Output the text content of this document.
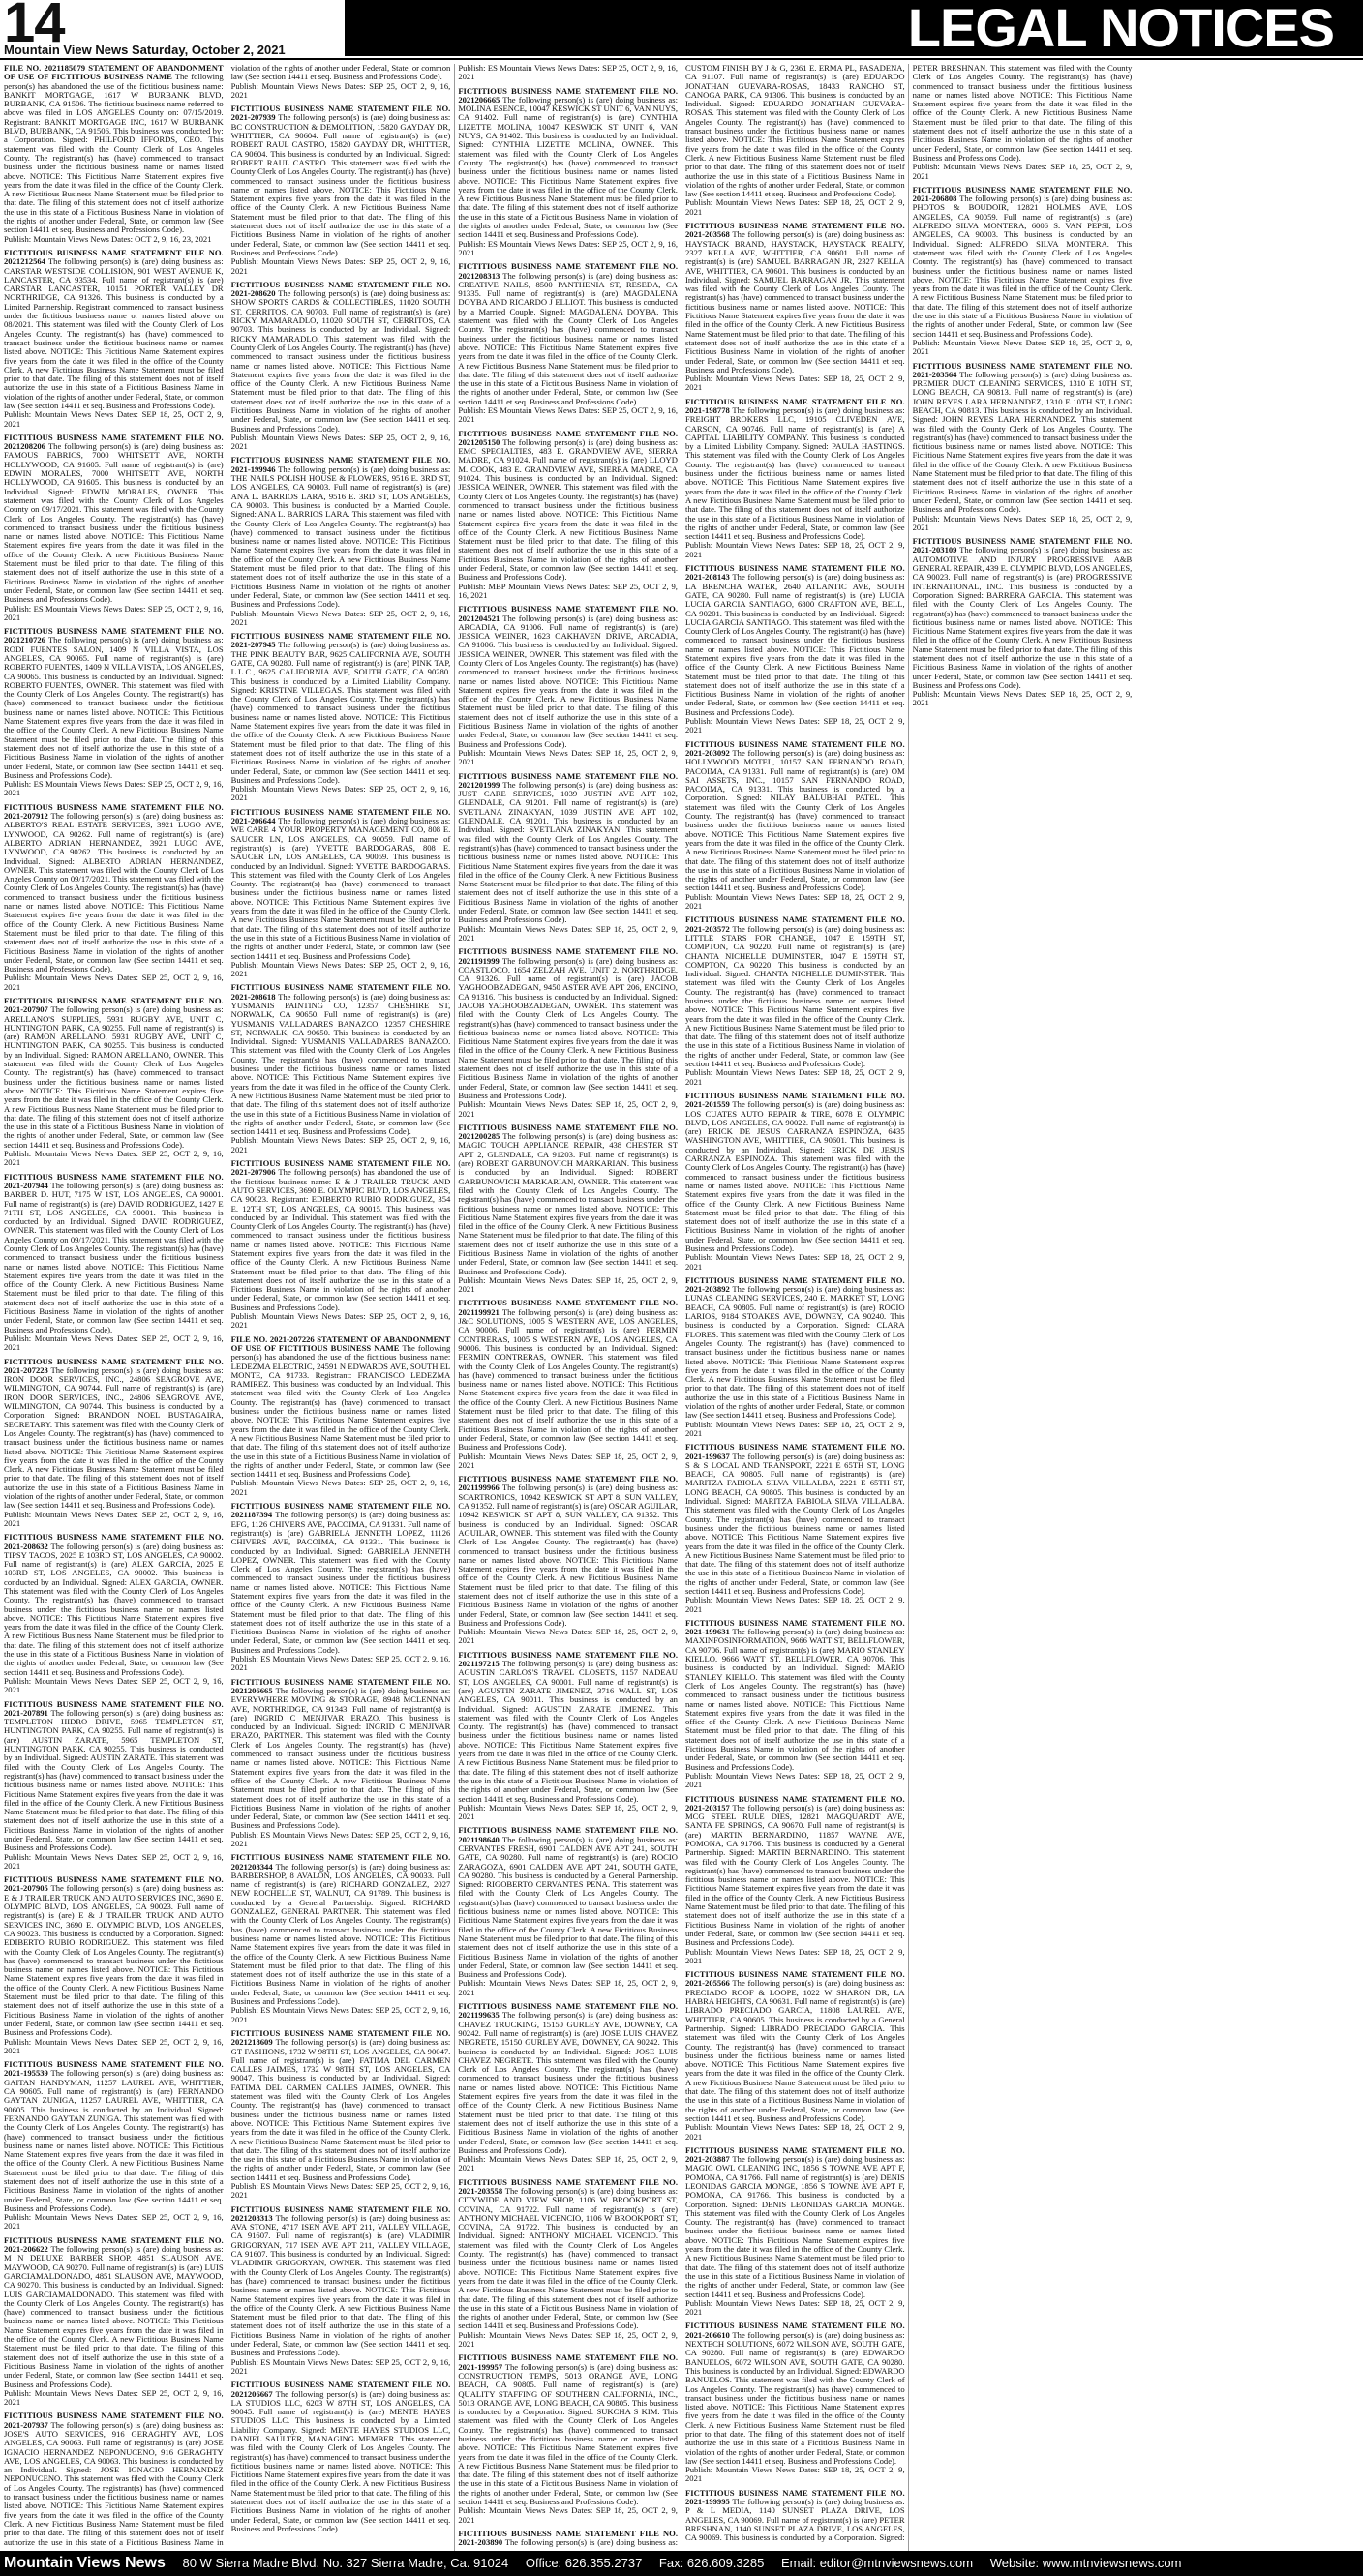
14
Mountain View News Saturday, October 2, 2021	LEGAL NOTICES

FILE NO. 2021185079 STATEMENT OF ABANDONMENT OF USE OF FICTITIOUS BUSINESS NAME The following person(s) has abandoned the use of the fictitious business name: BANKIT MORTGAGE, 1617 W BURBANK BLVD, BURBANK, CA 91506. The fictitious business name referred to above was filed in LOS ANGELES County on: 07/15/2019. Registrant: BANKIT MORTGAGE INC, 1617 W BURBANK BLVD, BURBANK, CA 91506. This business was conducted by: a Corporation. Signed: PHILFORD IFFORDS, CEO. This statement was filed with the County Clerk of Los Angeles County. The registrant(s) has (have) commenced to transact business under the fictitious business name or names listed above. NOTICE: This Fictitious Name Statement expires five years from the date it was filed in the office of the County Clerk. A new Fictitious Business Name Statement must be filed prior to that date. The filing of this statement does not of itself authorize the use in this state of a Fictitious Business Name in violation of the rights of another under Federal, State, or common law (See section 14411 et seq. Business and Professions Code).
Publish: Mountain Views News Dates: OCT 2, 9, 16, 23, 2021

FICTITIOUS BUSINESS NAME STATEMENT FILE NO. 2021212564 The following person(s) is (are) doing business as: CARSTAR WESTSIDE COLLISION, 901 WEST AVENUE K, LANCASTER, CA 93534. Full name of registrant(s) is (are) CARSTAR LANCASTER, 10151 PORTER VALLEY DR NORTHRIDGE, CA 91326. This business is conducted by a Limited Partnership. Registrant commenced to transact business under the fictitious business name or names listed above on 08/2021. This statement was filed with the County Clerk of Los Angeles County. The registrant(s) has (have) commenced to transact business under the fictitious business name or names listed above. NOTICE: This Fictitious Name Statement expires five years from the date it was filed in the office of the County Clerk. A new Fictitious Business Name Statement must be filed prior to that date. The filing of this statement does not of itself authorize the use in this state of a Fictitious Business Name in violation of the rights of another under Federal, State, or common law (See section 14411 et seq. Business and Professions Code).
Publish: Mountain Views News Dates: SEP 18, 25, OCT 2, 9, 2021

FICTITIOUS BUSINESS NAME STATEMENT FILE NO. 2021208206 The following person(s) is (are) doing business as: FAMOUS FABRICS, 7000 WHITSETT AVE, NORTH HOLLYWOOD, CA 91605. Full name of registrant(s) is (are) EDWIN MORALES, 7000 WHITSETT AVE, NORTH HOLLYWOOD, CA 91605. This business is conducted by an Individual. Signed: EDWIN MORALES, OWNER. This statement was filed with the County Clerk of Los Angeles County on 09/17/2021. This statement was filed with the County Clerk of Los Angeles County. The registrant(s) has (have) commenced to transact business under the fictitious business name or names listed above. NOTICE: This Fictitious Name Statement expires five years from the date it was filed in the office of the County Clerk. A new Fictitious Business Name Statement must be filed prior to that date. The filing of this statement does not of itself authorize the use in this state of a Fictitious Business Name in violation of the rights of another under Federal, State, or common law (See section 14411 et seq. Business and Professions Code).
Publish: ES Mountain Views News Dates: SEP 25, OCT 2, 9, 16, 2021

FICTITIOUS BUSINESS NAME STATEMENT FILE NO. 2021210726 The following person(s) is (are) doing business as: RODI FUENTES SALON, 1409 N VILLA VISTA, LOS ANGELES, CA 90065. Full name of registrant(s) is (are) ROBERTO FUENTES, 1409 N VILLA VISTA, LOS ANGELES, CA 90065. This business is conducted by an Individual. Signed: ROBERTO FUENTES, OWNER. This statement was filed with the County Clerk of Los Angeles County. The registrant(s) has (have) commenced to transact business under the fictitious business name or names listed above. NOTICE: This Fictitious Name Statement expires five years from the date it was filed in the office of the County Clerk. A new Fictitious Business Name Statement must be filed prior to that date. The filing of this statement does not of itself authorize the use in this state of a Fictitious Business Name in violation of the rights of another under Federal, State, or common law (See section 14411 et seq. Business and Professions Code).
Publish: ES Mountain Views News Dates: SEP 25, OCT 2, 9, 16, 2021

FICTITIOUS BUSINESS NAME STATEMENT FILE NO. 2021-207912 The following person(s) is (are) doing business as: ALBERTO'S REAL ESTATE SERVICES, 3921 LUGO AVE, LYNWOOD, CA 90262. Full name of registrant(s) is (are) ALBERTO ADRIAN HERNANDEZ, 3921 LUGO AVE, LYNWOOD, CA 90262. This business is conducted by an Individual. Signed: ALBERTO ADRIAN HERNANDEZ, OWNER. This statement was filed with the County Clerk of Los Angeles County on 09/17/2021. This statement was filed with the County Clerk of Los Angeles County. The registrant(s) has (have) commenced to transact business under the fictitious business name or names listed above. NOTICE: This Fictitious Name Statement expires five years from the date it was filed in the office of the County Clerk. A new Fictitious Business Name Statement must be filed prior to that date. The filing of this statement does not of itself authorize the use in this state of a Fictitious Business Name in violation of the rights of another under Federal, State, or common law (See section 14411 et seq. Business and Professions Code).
Publish: Mountain Views News Dates: SEP 25, OCT 2, 9, 16, 2021

FICTITIOUS BUSINESS NAME STATEMENT FILE NO. 2021-207907 The following person(s) is (are) doing business as: ARELLANO'S SUPPLIES, 5931 RUGBY AVE, UNIT C, HUNTINGTON PARK, CA 90255. Full name of registrant(s) is (are) RAMON ARELLANO, 5931 RUGBY AVE, UNIT C, HUNTINGTON PARK, CA 90255. This business is conducted by an Individual. Signed: RAMON ARELLANO, OWNER. This statement was filed with the County Clerk of Los Angeles County. The registrant(s) has (have) commenced to transact business under the fictitious business name or names listed above. NOTICE: This Fictitious Name Statement expires five years from the date it was filed in the office of the County Clerk. A new Fictitious Business Name Statement must be filed prior to that date. The filing of this statement does not of itself authorize the use in this state of a Fictitious Business Name in violation of the rights of another under Federal, State, or common law (See section 14411 et seq. Business and Professions Code).
Publish: Mountain Views News Dates: SEP 25, OCT 2, 9, 16, 2021

FICTITIOUS BUSINESS NAME STATEMENT FILE NO. 2021-207944 The following person(s) is (are) doing business as: BARBER D. HUT, 7175 W 1ST, LOS ANGELES, CA 90001. Full name of registrant(s) is (are) DAVID RODRIGUEZ, 1427 E 71TH ST, LOS ANGELES, CA 90001. This business is conducted by an Individual. Signed: DAVID RODRIGUEZ, OWNER. This statement was filed with the County Clerk of Los Angeles County on 09/17/2021. This statement was filed with the County Clerk of Los Angeles County. The registrant(s) has (have) commenced to transact business under the fictitious business name or names listed above. NOTICE: This Fictitious Name Statement expires five years from the date it was filed in the office of the County Clerk. A new Fictitious Business Name Statement must be filed prior to that date. The filing of this statement does not of itself authorize the use in this state of a Fictitious Business Name in violation of the rights of another under Federal, State, or common law (See section 14411 et seq. Business and Professions Code).
Publish: Mountain Views News Dates: SEP 25, OCT 2, 9, 16, 2021

FICTITIOUS BUSINESS NAME STATEMENT FILE NO. 2021-207223 The following person(s) is (are) doing business as: IRON DOOR SERVICES, INC., 24806 SEAGROVE AVE, WILMINGTON, CA 90744. Full name of registrant(s) is (are) IRON DOOR SERVICES, INC., 24806 SEAGROVE AVE, WILMINGTON, CA 90744. This business is conducted by a Corporation. Signed: BRANDON NOEL BUSTAGAIRA, SECRETARY. This statement was filed with the County Clerk of Los Angeles County. The registrant(s) has (have) commenced to transact business under the fictitious business name or names listed above. NOTICE: This Fictitious Name Statement expires five years from the date it was filed in the office of the County Clerk. A new Fictitious Business Name Statement must be filed prior to that date. The filing of this statement does not of itself authorize the use in this state of a Fictitious Business Name in violation of the rights of another under Federal, State, or common law (See section 14411 et seq. Business and Professions Code).
Publish: Mountain Views News Dates: SEP 25, OCT 2, 9, 16, 2021

FICTITIOUS BUSINESS NAME STATEMENT FILE NO. 2021-208632 The following person(s) is (are) doing business as: TIPSY TACOS, 2025 E 103RD ST, LOS ANGELES, CA 90002. Full name of registrant(s) is (are) ALEX GARCIA, 2025 E 103RD ST, LOS ANGELES, CA 90002. This business is conducted by an Individual. Signed: ALEX GARCIA, OWNER. This statement was filed with the County Clerk of Los Angeles County. The registrant(s) has (have) commenced to transact business under the fictitious business name or names listed above. NOTICE: This Fictitious Name Statement expires five years from the date it was filed in the office of the County Clerk. A new Fictitious Business Name Statement must be filed prior to that date. The filing of this statement does not of itself authorize the use in this state of a Fictitious Business Name in violation of the rights of another under Federal, State, or common law (See section 14411 et seq. Business and Professions Code).
Publish: Mountain Views News Dates: SEP 25, OCT 2, 9, 16, 2021

FICTITIOUS BUSINESS NAME STATEMENT FILE NO. 2021-207891 The following person(s) is (are) doing business as: TEMPLETON HIDRO DRIVE, 5965 TEMPLETON ST, HUNTINGTON PARK, CA 90255. Full name of registrant(s) is (are) AUSTIN ZARATE, 5965 TEMPLETON ST, HUNTINGTON PARK, CA 90255. This business is conducted by an Individual. Signed: AUSTIN ZARATE. This statement was filed with the County Clerk of Los Angeles County. The registrant(s) has (have) commenced to transact business under the fictitious business name or names listed above. NOTICE: This Fictitious Name Statement expires five years from the date it was filed in the office of the County Clerk. A new Fictitious Business Name Statement must be filed prior to that date. The filing of this statement does not of itself authorize the use in this state of a Fictitious Business Name in violation of the rights of another under Federal, State, or common law (See section 14411 et seq. Business and Professions Code).
Publish: Mountain Views News Dates: SEP 25, OCT 2, 9, 16, 2021

FICTITIOUS BUSINESS NAME STATEMENT FILE NO. 2021-207905 The following person(s) is (are) doing business as: E & J TRAILER TRUCK AND AUTO SERVICES INC, 3690 E. OLYMPIC BLVD, LOS ANGELES, CA 90023. Full name of registrant(s) is (are) E & J TRAILER TRUCK AND AUTO SERVICES INC, 3690 E. OLYMPIC BLVD, LOS ANGELES, CA 90023. This business is conducted by a Corporation. Signed: EDIBERTO RUBIO RODRIGUEZ. This statement was filed with the County Clerk of Los Angeles County. The registrant(s) has (have) commenced to transact business under the fictitious business name or names listed above. NOTICE: This Fictitious Name Statement expires five years from the date it was filed in the office of the County Clerk. A new Fictitious Business Name Statement must be filed prior to that date. The filing of this statement does not of itself authorize the use in this state of a Fictitious Business Name in violation of the rights of another under Federal, State, or common law (See section 14411 et seq. Business and Professions Code).
Publish: Mountain Views News Dates: SEP 25, OCT 2, 9, 16, 2021

FICTITIOUS BUSINESS NAME STATEMENT FILE NO. 2021-195539 The following person(s) is (are) doing business as: GAITAN HANDYMAN, 11257 LAUREL AVE, WHITTIER, CA 90605. Full name of registrant(s) is (are) FERNANDO GAYTAN ZUNIGA, 11257 LAUREL AVE, WHITTIER, CA 90605. This business is conducted by an Individual. Signed: FERNANDO GAYTAN ZUNIGA. This statement was filed with the County Clerk of Los Angeles County. The registrant(s) has (have) commenced to transact business under the fictitious business name or names listed above. NOTICE: This Fictitious Name Statement expires five years from the date it was filed in the office of the County Clerk. A new Fictitious Business Name Statement must be filed prior to that date. The filing of this statement does not of itself authorize the use in this state of a Fictitious Business Name in violation of the rights of another under Federal, State, or common law (See section 14411 et seq. Business and Professions Code).
Publish: Mountain Views News Dates: SEP 25, OCT 2, 9, 16, 2021

FICTITIOUS BUSINESS NAME STATEMENT FILE NO. 2021-206622 The following person(s) is (are) doing business as: M N DELUXE BARBER SHOP, 4851 SLAUSON AVE, MAYWOOD, CA 90270. Full name of registrant(s) is (are) LUIS GARCIAMALDONADO, 4851 SLAUSON AVE, MAYWOOD, CA 90270. This business is conducted by an Individual. Signed: LUIS GARCIAMALDONADO. This statement was filed with the County Clerk of Los Angeles County. The registrant(s) has (have) commenced to transact business under the fictitious business name or names listed above. NOTICE: This Fictitious Name Statement expires five years from the date it was filed in the office of the County Clerk. A new Fictitious Business Name Statement must be filed prior to that date. The filing of this statement does not of itself authorize the use in this state of a Fictitious Business Name in violation of the rights of another under Federal, State, or common law (See section 14411 et seq. Business and Professions Code).
Publish: Mountain Views News Dates: SEP 25, OCT 2, 9, 16, 2021

FICTITIOUS BUSINESS NAME STATEMENT FILE NO. 2021-207937 The following person(s) is (are) doing business as: JOSE'S AUTO SERVICES, 916 GERAGHTY AVE, LOS ANGELES, CA 90063. Full name of registrant(s) is (are) JOSE IGNACIO HERNANDEZ NEPONUCENO, 916 GERAGHTY AVE, LOS ANGELES, CA 90063. This business is conducted by an Individual. Signed: JOSE IGNACIO HERNANDEZ NEPONUCENO. This statement was filed with the County Clerk of Los Angeles County. The registrant(s) has (have) commenced to transact business under the fictitious business name or names listed above. NOTICE: This Fictitious Name Statement expires five years from the date it was filed in the office of the County Clerk. A new Fictitious Business Name Statement must be filed prior to that date. The filing of this statement does not of itself authorize the use in this state of a Fictitious Business Name in violation of the rights of another under Federal, State, or common law (See section 14411 et seq. Business and Professions Code).
Publish: Mountain Views News Dates: SEP 25, OCT 2, 9, 16, 2021

FICTITIOUS BUSINESS NAME STATEMENT FILE NO. 2021-207939 The following person(s) is (are) doing business as: BC CONSTRUCTION & DEMOLITION, 15820 GAYDAY DR, WHITTIER, CA 90604. Full name of registrant(s) is (are) ROBERT RAUL CASTRO, 15820 GAYDAY DR, WHITTIER, CA 90604. This business is conducted by an Individual. Signed: ROBERT RAUL CASTRO. This statement was filed with the County Clerk of Los Angeles County. The registrant(s) has (have) commenced to transact business under the fictitious business name or names listed above. NOTICE: This Fictitious Name Statement expires five years from the date it was filed in the office of the County Clerk. A new Fictitious Business Name Statement must be filed prior to that date. The filing of this statement does not of itself authorize the use in this state of a Fictitious Business Name in violation of the rights of another under Federal, State, or common law (See section 14411 et seq. Business and Professions Code).
Publish: Mountain Views News Dates: SEP 25, OCT 2, 9, 16, 2021

FICTITIOUS BUSINESS NAME STATEMENT FILE NO. 2021-208620 The following person(s) is (are) doing business as: SHOW SPORTS CARDS & COLLECTIBLES, 11020 SOUTH ST, CERRITOS, CA 90703. Full name of registrant(s) is (are) RICKY MAMARADLO, 11020 SOUTH ST, CERRITOS, CA 90703. This business is conducted by an Individual. Signed: RICKY MAMARADLO. This statement was filed with the County Clerk of Los Angeles County. The registrant(s) has (have) commenced to transact business under the fictitious business name or names listed above. NOTICE: This Fictitious Name Statement expires five years from the date it was filed in the office of the County Clerk. A new Fictitious Business Name Statement must be filed prior to that date. The filing of this statement does not of itself authorize the use in this state of a Fictitious Business Name in violation of the rights of another under Federal, State, or common law (See section 14411 et seq. Business and Professions Code).
Publish: Mountain Views News Dates: SEP 25, OCT 2, 9, 16, 2021

FICTITIOUS BUSINESS NAME STATEMENT FILE NO. 2021-199946 The following person(s) is (are) doing business as: THE NAILS POLISH HOUSE & FLOWERS, 9516 E. 3RD ST, LOS ANGELES, CA 90003. Full name of registrant(s) is (are) ANA L. BARRIOS LARA, 9516 E. 3RD ST, LOS ANGELES, CA 90003. This business is conducted by a Married Couple. Signed: ANA L. BARRIOS LARA. This statement was filed with the County Clerk of Los Angeles County. The registrant(s) has (have) commenced to transact business under the fictitious business name or names listed above. NOTICE: This Fictitious Name Statement expires five years from the date it was filed in the office of the County Clerk. A new Fictitious Business Name Statement must be filed prior to that date. The filing of this statement does not of itself authorize the use in this state of a Fictitious Business Name in violation of the rights of another under Federal, State, or common law (See section 14411 et seq. Business and Professions Code).
Publish: Mountain Views News Dates: SEP 25, OCT 2, 9, 16, 2021

FICTITIOUS BUSINESS NAME STATEMENT FILE NO. 2021-207945 The following person(s) is (are) doing business as: THE PINK BEAUTY BAR, 9625 CALIFORNIA AVE, SOUTH GATE, CA 90280. Full name of registrant(s) is (are) PINK TAP, L.L.C., 9625 CALIFORNIA AVE, SOUTH GATE, CA 90280. This business is conducted by a Limited Liability Company. Signed: KRISTINE VILLEGAS. This statement was filed with the County Clerk of Los Angeles County. The registrant(s) has (have) commenced to transact business under the fictitious business name or names listed above. NOTICE: This Fictitious Name Statement expires five years from the date it was filed in the office of the County Clerk. A new Fictitious Business Name Statement must be filed prior to that date. The filing of this statement does not of itself authorize the use in this state of a Fictitious Business Name in violation of the rights of another under Federal, State, or common law (See section 14411 et seq. Business and Professions Code).
Publish: Mountain Views News Dates: SEP 25, OCT 2, 9, 16, 2021

FICTITIOUS BUSINESS NAME STATEMENT FILE NO. 2021-206644 The following person(s) is (are) doing business as: WE CARE 4 YOUR PROPERTY MANAGEMENT CO, 808 E. SAUCER LN, LOS ANGELES, CA 90059. Full name of registrant(s) is (are) YVETTE BARDOGARAS, 808 E. SAUCER LN, LOS ANGELES, CA 90059. This business is conducted by an Individual. Signed: YVETTE BARDOGARAS. This statement was filed with the County Clerk of Los Angeles County. The registrant(s) has (have) commenced to transact business under the fictitious business name or names listed above. NOTICE: This Fictitious Name Statement expires five years from the date it was filed in the office of the County Clerk. A new Fictitious Business Name Statement must be filed prior to that date. The filing of this statement does not of itself authorize the use in this state of a Fictitious Business Name in violation of the rights of another under Federal, State, or common law (See section 14411 et seq. Business and Professions Code).
Publish: Mountain Views News Dates: SEP 25, OCT 2, 9, 16, 2021

FICTITIOUS BUSINESS NAME STATEMENT FILE NO. 2021-208618 The following person(s) is (are) doing business as: YUSMANIS PAINTING CO, 12357 CHESHIRE ST, NORWALK, CA 90650. Full name of registrant(s) is (are) YUSMANIS VALLADARES BANAZCO, 12357 CHESHIRE ST, NORWALK, CA 90650. This business is conducted by an Individual. Signed: YUSMANIS VALLADARES BANAZCO. This statement was filed with the County Clerk of Los Angeles County. The registrant(s) has (have) commenced to transact business under the fictitious business name or names listed above. NOTICE: This Fictitious Name Statement expires five years from the date it was filed in the office of the County Clerk. A new Fictitious Business Name Statement must be filed prior to that date. The filing of this statement does not of itself authorize the use in this state of a Fictitious Business Name in violation of the rights of another under Federal, State, or common law (See section 14411 et seq. Business and Professions Code).
Publish: Mountain Views News Dates: SEP 25, OCT 2, 9, 16, 2021

FICTITIOUS BUSINESS NAME STATEMENT FILE NO. 2021-207906 The following person(s) has abandoned the use of the fictitious business name: E & J TRAILER TRUCK AND AUTO SERVICES, 3690 E. OLYMPIC BLVD, LOS ANGELES, CA 90023. Registrant: EDIBERTO RUBIO RODRIGUEZ, 354 E. 12TH ST, LOS ANGELES, CA 90015. This business was conducted by an Individual. This statement was filed with the County Clerk of Los Angeles County. The registrant(s) has (have) commenced to transact business under the fictitious business name or names listed above. NOTICE: This Fictitious Name Statement expires five years from the date it was filed in the office of the County Clerk. A new Fictitious Business Name Statement must be filed prior to that date. The filing of this statement does not of itself authorize the use in this state of a Fictitious Business Name in violation of the rights of another under Federal, State, or common law (See section 14411 et seq. Business and Professions Code).
Publish: Mountain Views News Dates: SEP 25, OCT 2, 9, 16, 2021

FILE NO. 2021-207226 STATEMENT OF ABANDONMENT OF USE OF FICTITIOUS BUSINESS NAME The following person(s) has abandoned the use of the fictitious business name: LEDEZMA ELECTRIC, 24591 N EDWARDS AVE, SOUTH EL MONTE, CA 91733. Registrant: FRANCISCO LEDEZMA RAMIREZ. This business was conducted by an Individual. This statement was filed with the County Clerk of Los Angeles County. The registrant(s) has (have) commenced to transact business under the fictitious business name or names listed above. NOTICE: This Fictitious Name Statement expires five years from the date it was filed in the office of the County Clerk. A new Fictitious Business Name Statement must be filed prior to that date. The filing of this statement does not of itself authorize the use in this state of a Fictitious Business Name in violation of the rights of another under Federal, State, or common law (See section 14411 et seq. Business and Professions Code).
Publish: Mountain Views News Dates: SEP 25, OCT 2, 9, 16, 2021

FICTITIOUS BUSINESS NAME STATEMENT FILE NO. 2021187394 The following person(s) is (are) doing business as: EFG, 1126 CHIVERS AVE, PACOIMA, CA 91331. Full name of registrant(s) is (are) GABRIELA JENNETH LOPEZ, 11126 CHIVERS AVE, PACOIMA, CA 91331. This business is conducted by an Individual. Signed: GABRIELA JENNETH LOPEZ, OWNER. This statement was filed with the County Clerk of Los Angeles County. The registrant(s) has (have) commenced to transact business under the fictitious business name or names listed above. NOTICE: This Fictitious Name Statement expires five years from the date it was filed in the office of the County Clerk. A new Fictitious Business Name Statement must be filed prior to that date. The filing of this statement does not of itself authorize the use in this state of a Fictitious Business Name in violation of the rights of another under Federal, State, or common law (See section 14411 et seq. Business and Professions Code).
Publish: ES Mountain Views News Dates: SEP 25, OCT 2, 9, 16, 2021

FICTITIOUS BUSINESS NAME STATEMENT FILE NO. 2021206665 The following person(s) is (are) doing business as: EVERYWHERE MOVING & STORAGE, 8948 MCLENNAN AVE, NORTHRIDGE, CA 91343. Full name of registrant(s) is (are) INGRID C MENJIVAR ERAZO. This business is conducted by an Individual. Signed: INGRID C MENJIVAR ERAZO, PARTNER. This statement was filed with the County Clerk of Los Angeles County. The registrant(s) has (have) commenced to transact business under the fictitious business name or names listed above. NOTICE: This Fictitious Name Statement expires five years from the date it was filed in the office of the County Clerk. A new Fictitious Business Name Statement must be filed prior to that date. The filing of this statement does not of itself authorize the use in this state of a Fictitious Business Name in violation of the rights of another under Federal, State, or common law (See section 14411 et seq. Business and Professions Code).
Publish: ES Mountain Views News Dates: SEP 25, OCT 2, 9, 16, 2021

FICTITIOUS BUSINESS NAME STATEMENT FILE NO. 2021208344 The following person(s) is (are) doing business as: BARBERSHOP, 8 AVALON, LOS ANGELES, CA 90033. Full name of registrant(s) is (are) RICHARD GONZALEZ, 2027 NEW ROCHELLE ST, WALNUT, CA 91789. This business is conducted by a General Partnership. Signed: RICHARD GONZALEZ, GENERAL PARTNER. This statement was filed with the County Clerk of Los Angeles County. The registrant(s) has (have) commenced to transact business under the fictitious business name or names listed above. NOTICE: This Fictitious Name Statement expires five years from the date it was filed in the office of the County Clerk. A new Fictitious Business Name Statement must be filed prior to that date. The filing of this statement does not of itself authorize the use in this state of a Fictitious Business Name in violation of the rights of another under Federal, State, or common law (See section 14411 et seq. Business and Professions Code).
Publish: ES Mountain Views News Dates: SEP 25, OCT 2, 9, 16, 2021

FICTITIOUS BUSINESS NAME STATEMENT FILE NO. 2021218609 The following person(s) is (are) doing business as: GT FASHIONS, 1732 W 98TH ST, LOS ANGELES, CA 90047. Full name of registrant(s) is (are) FATIMA DEL CARMEN CALLES JAIMES, 1732 W 98TH ST, LOS ANGELES, CA 90047. This business is conducted by an Individual. Signed: FATIMA DEL CARMEN CALLES JAIMES, OWNER. This statement was filed with the County Clerk of Los Angeles County. The registrant(s) has (have) commenced to transact business under the fictitious business name or names listed above. NOTICE: This Fictitious Name Statement expires five years from the date it was filed in the office of the County Clerk. A new Fictitious Business Name Statement must be filed prior to that date. The filing of this statement does not of itself authorize the use in this state of a Fictitious Business Name in violation of the rights of another under Federal, State, or common law (See section 14411 et seq. Business and Professions Code).
Publish: ES Mountain Views News Dates: SEP 25, OCT 2, 9, 16, 2021

FICTITIOUS BUSINESS NAME STATEMENT FILE NO. 2021208313 The following person(s) is (are) doing business as: AVA STONE, 4717 ISEN AVE APT 211, VALLEY VILLAGE, CA 91607. Full name of registrant(s) is (are) VLADIMIR GRIGORYAN, 717 ISEN AVE APT 211, VALLEY VILLAGE, CA 91607. This business is conducted by an Individual. Signed: VLADIMIR GRIGORYAN, OWNER. This statement was filed with the County Clerk of Los Angeles County. The registrant(s) has (have) commenced to transact business under the fictitious business name or names listed above. NOTICE: This Fictitious Name Statement expires five years from the date it was filed in the office of the County Clerk. A new Fictitious Business Name Statement must be filed prior to that date. The filing of this statement does not of itself authorize the use in this state of a Fictitious Business Name in violation of the rights of another under Federal, State, or common law (See section 14411 et seq. Business and Professions Code).
Publish: ES Mountain Views News Dates: SEP 25, OCT 2, 9, 16, 2021

FICTITIOUS BUSINESS NAME STATEMENT FILE NO. 2021206667 The following person(s) is (are) doing business as: LA STUDIOS LLC, 6203 W 87TH ST, LOS ANGELES, CA 90045. Full name of registrant(s) is (are) MENTE HAYES STUDIOS LLC. This business is conducted by a Limited Liability Company. Signed: MENTE HAYES STUDIOS LLC, DANIEL SAULTER, MANAGING MEMBER. This statement was filed with the County Clerk of Los Angeles County. The registrant(s) has (have) commenced to transact business under the fictitious business name or names listed above. NOTICE: This Fictitious Name Statement expires five years from the date it was filed in the office of the County Clerk. A new Fictitious Business Name Statement must be filed prior to that date. The filing of this statement does not of itself authorize the use in this state of a Fictitious Business Name in violation of the rights of another under Federal, State, or common law (See section 14411 et seq. Business and Professions Code).
Publish: ES Mountain Views News Dates: SEP 25, OCT 2, 9, 16, 2021

FICTITIOUS BUSINESS NAME STATEMENT FILE NO. 2021206665 The following person(s) is (are) doing business as: MOLINA ESENCE, 10047 KESWICK ST UNIT 6, VAN NUYS, CA 91402. Full name of registrant(s) is (are) CYNTHIA LIZETTE MOLINA, 10047 KESWICK ST UNIT 6, VAN NUYS, CA 91402. This business is conducted by an Individual. Signed: CYNTHIA LIZETTE MOLINA, OWNER. This statement was filed with the County Clerk of Los Angeles County. The registrant(s) has (have) commenced to transact business under the fictitious business name or names listed above. NOTICE: This Fictitious Name Statement expires five years from the date it was filed in the office of the County Clerk. A new Fictitious Business Name Statement must be filed prior to that date. The filing of this statement does not of itself authorize the use in this state of a Fictitious Business Name in violation of the rights of another under Federal, State, or common law (See section 14411 et seq. Business and Professions Code).
Publish: ES Mountain Views News Dates: SEP 25, OCT 2, 9, 16, 2021

FICTITIOUS BUSINESS NAME STATEMENT FILE NO. 2021208313 The following person(s) is (are) doing business as: CREATIVE NAILS, 8500 PANTHENIA ST, RESEDA, CA 91335. Full name of registrant(s) is (are) MAGDALENA DOYBA AND RICARDO J ELLIOT. This business is conducted by a Married Couple. Signed: MAGDALENA DOYBA. This statement was filed with the County Clerk of Los Angeles County. The registrant(s) has (have) commenced to transact business under the fictitious business name or names listed above. NOTICE: This Fictitious Name Statement expires five years from the date it was filed in the office of the County Clerk. A new Fictitious Business Name Statement must be filed prior to that date. The filing of this statement does not of itself authorize the use in this state of a Fictitious Business Name in violation of the rights of another under Federal, State, or common law (See section 14411 et seq. Business and Professions Code).
Publish: ES Mountain Views News Dates: SEP 25, OCT 2, 9, 16, 2021

FICTITIOUS BUSINESS NAME STATEMENT FILE NO. 2021205150 The following person(s) is (are) doing business as: EMC SPECIALTIES, 483 E. GRANDVIEW AVE, SIERRA MADRE, CA 91024. Full name of registrant(s) is (are) LLOYD M. COOK, 483 E. GRANDVIEW AVE, SIERRA MADRE, CA 91024. This business is conducted by an Individual. Signed: JESSICA WEINER, OWNER. This statement was filed with the County Clerk of Los Angeles County. The registrant(s) has (have) commenced to transact business under the fictitious business name or names listed above. NOTICE: This Fictitious Name Statement expires five years from the date it was filed in the office of the County Clerk. A new Fictitious Business Name Statement must be filed prior to that date. The filing of this statement does not of itself authorize the use in this state of a Fictitious Business Name in violation of the rights of another under Federal, State, or common law (See section 14411 et seq. Business and Professions Code).
Publish: MBP Mountain Views News Dates: SEP 25, OCT 2, 9, 16, 2021

FICTITIOUS BUSINESS NAME STATEMENT FILE NO. 2021204521 The following person(s) is (are) doing business as: ARCADIA, CA 91006. Full name of registrant(s) is (are) JESSICA WEINER, 1623 OAKHAVEN DRIVE, ARCADIA, CA 91006. This business is conducted by an Individual. Signed: JESSICA WEINER, OWNER. This statement was filed with the County Clerk of Los Angeles County. The registrant(s) has (have) commenced to transact business under the fictitious business name or names listed above. NOTICE: This Fictitious Name Statement expires five years from the date it was filed in the office of the County Clerk. A new Fictitious Business Name Statement must be filed prior to that date. The filing of this statement does not of itself authorize the use in this state of a Fictitious Business Name in violation of the rights of another under Federal, State, or common law (See section 14411 et seq. Business and Professions Code).
Publish: Mountain Views News Dates: SEP 18, 25, OCT 2, 9, 2021

FICTITIOUS BUSINESS NAME STATEMENT FILE NO. 2021201999 The following person(s) is (are) doing business as: JUST CARE SERVICES, 1039 JUSTIN AVE APT 102, GLENDALE, CA 91201. Full name of registrant(s) is (are) SVETLANA ZINAKYAN, 1039 JUSTIN AVE APT 102, GLENDALE, CA 91201. This business is conducted by an Individual. Signed: SVETLANA ZINAKYAN. This statement was filed with the County Clerk of Los Angeles County. The registrant(s) has (have) commenced to transact business under the fictitious business name or names listed above. NOTICE: This Fictitious Name Statement expires five years from the date it was filed in the office of the County Clerk. A new Fictitious Business Name Statement must be filed prior to that date. The filing of this statement does not of itself authorize the use in this state of a Fictitious Business Name in violation of the rights of another under Federal, State, or common law (See section 14411 et seq. Business and Professions Code).
Publish: Mountain Views News Dates: SEP 18, 25, OCT 2, 9, 2021

FICTITIOUS BUSINESS NAME STATEMENT FILE NO. 2021191999 The following person(s) is (are) doing business as: COASTLOCO, 1654 ZELZAH AVE, UNIT 2, NORTHRIDGE, CA 91326. Full name of registrant(s) is (are) JACOB YAGHOOBZADEGAN, 9450 ASTER AVE APT 206, ENCINO, CA 91316. This business is conducted by an Individual. Signed: JACOB YAGHOOBZADEGAN, OWNER. This statement was filed with the County Clerk of Los Angeles County. The registrant(s) has (have) commenced to transact business under the fictitious business name or names listed above. NOTICE: This Fictitious Name Statement expires five years from the date it was filed in the office of the County Clerk. A new Fictitious Business Name Statement must be filed prior to that date. The filing of this statement does not of itself authorize the use in this state of a Fictitious Business Name in violation of the rights of another under Federal, State, or common law (See section 14411 et seq. Business and Professions Code).
Publish: Mountain Views News Dates: SEP 18, 25, OCT 2, 9, 2021

FICTITIOUS BUSINESS NAME STATEMENT FILE NO. 2021200285 The following person(s) is (are) doing business as: MAGIC TOUCH APPLIANCE REPAIR, 438 CHESTER ST APT 2, GLENDALE, CA 91203. Full name of registrant(s) is (are) ROBERT GARBUNOVICH MARKARIAN. This business is conducted by an Individual. Signed: ROBERT GARBUNOVICH MARKARIAN, OWNER. This statement was filed with the County Clerk of Los Angeles County. The registrant(s) has (have) commenced to transact business under the fictitious business name or names listed above. NOTICE: This Fictitious Name Statement expires five years from the date it was filed in the office of the County Clerk. A new Fictitious Business Name Statement must be filed prior to that date. The filing of this statement does not of itself authorize the use in this state of a Fictitious Business Name in violation of the rights of another under Federal, State, or common law (See section 14411 et seq. Business and Professions Code).
Publish: Mountain Views News Dates: SEP 18, 25, OCT 2, 9, 2021

FICTITIOUS BUSINESS NAME STATEMENT FILE NO. 2021199921 The following person(s) is (are) doing business as: J&C SOLUTIONS, 1005 S WESTERN AVE, LOS ANGELES, CA 90006. Full name of registrant(s) is (are) FERMIN CONTRERAS, 1005 S WESTERN AVE, LOS ANGELES, CA 90006. This business is conducted by an Individual. Signed: FERMIN CONTRERAS, OWNER. This statement was filed with the County Clerk of Los Angeles County. The registrant(s) has (have) commenced to transact business under the fictitious business name or names listed above. NOTICE: This Fictitious Name Statement expires five years from the date it was filed in the office of the County Clerk. A new Fictitious Business Name Statement must be filed prior to that date. The filing of this statement does not of itself authorize the use in this state of a Fictitious Business Name in violation of the rights of another under Federal, State, or common law (See section 14411 et seq. Business and Professions Code).
Publish: Mountain Views News Dates: SEP 18, 25, OCT 2, 9, 2021

FICTITIOUS BUSINESS NAME STATEMENT FILE NO. 2021199966 The following person(s) is (are) doing business as: SCARTRONICS, 10942 KESWICK ST APT 8, SUN VALLEY, CA 91352. Full name of registrant(s) is (are) OSCAR AGUILAR, 10942 KESWICK ST APT 8, SUN VALLEY, CA 91352. This business is conducted by an Individual. Signed: OSCAR AGUILAR, OWNER. This statement was filed with the County Clerk of Los Angeles County. The registrant(s) has (have) commenced to transact business under the fictitious business name or names listed above. NOTICE: This Fictitious Name Statement expires five years from the date it was filed in the office of the County Clerk. A new Fictitious Business Name Statement must be filed prior to that date. The filing of this statement does not of itself authorize the use in this state of a Fictitious Business Name in violation of the rights of another under Federal, State, or common law (See section 14411 et seq. Business and Professions Code).
Publish: Mountain Views News Dates: SEP 18, 25, OCT 2, 9, 2021

FICTITIOUS BUSINESS NAME STATEMENT FILE NO. 2021197215 The following person(s) is (are) doing business as: AGUSTIN CARLOS'S TRAVEL CLOSETS, 1157 NADEAU ST, LOS ANGELES, CA 90001. Full name of registrant(s) is (are) AGUSTIN ZARATE JIMENEZ, 3716 WALL ST, LOS ANGELES, CA 90011. This business is conducted by an Individual. Signed: AGUSTIN ZARATE JIMENEZ. This statement was filed with the County Clerk of Los Angeles County. The registrant(s) has (have) commenced to transact business under the fictitious business name or names listed above. NOTICE: This Fictitious Name Statement expires five years from the date it was filed in the office of the County Clerk. A new Fictitious Business Name Statement must be filed prior to that date. The filing of this statement does not of itself authorize the use in this state of a Fictitious Business Name in violation of the rights of another under Federal, State, or common law (See section 14411 et seq. Business and Professions Code).
Publish: Mountain Views News Dates: SEP 18, 25, OCT 2, 9, 2021

FICTITIOUS BUSINESS NAME STATEMENT FILE NO. 2021198640 The following person(s) is (are) doing business as: CERVANTES FRESH, 6901 CALDEN AVE APT 241, SOUTH GATE, CA 90280. Full name of registrant(s) is (are) ROCIO ZARAGOZA, 6901 CALDEN AVE APT 241, SOUTH GATE, CA 90280. This business is conducted by a General Partnership. Signed: RIGOBERTO CERVANTES PENA. This statement was filed with the County Clerk of Los Angeles County. The registrant(s) has (have) commenced to transact business under the fictitious business name or names listed above. NOTICE: This Fictitious Name Statement expires five years from the date it was filed in the office of the County Clerk. A new Fictitious Business Name Statement must be filed prior to that date. The filing of this statement does not of itself authorize the use in this state of a Fictitious Business Name in violation of the rights of another under Federal, State, or common law (See section 14411 et seq. Business and Professions Code).
Publish: Mountain Views News Dates: SEP 18, 25, OCT 2, 9, 2021

FICTITIOUS BUSINESS NAME STATEMENT FILE NO. 2021199635 The following person(s) is (are) doing business as: CHAVEZ TRUCKING, 15150 GURLEY AVE, DOWNEY, CA 90242. Full name of registrant(s) is (are) JOSE LUIS CHAVEZ NEGRETE, 15150 GURLEY AVE, DOWNEY, CA 90242. This business is conducted by an Individual. Signed: JOSE LUIS CHAVEZ NEGRETE. This statement was filed with the County Clerk of Los Angeles County. The registrant(s) has (have) commenced to transact business under the fictitious business name or names listed above. NOTICE: This Fictitious Name Statement expires five years from the date it was filed in the office of the County Clerk. A new Fictitious Business Name Statement must be filed prior to that date. The filing of this statement does not of itself authorize the use in this state of a Fictitious Business Name in violation of the rights of another under Federal, State, or common law (See section 14411 et seq. Business and Professions Code).
Publish: Mountain Views News Dates: SEP 18, 25, OCT 2, 9, 2021

FICTITIOUS BUSINESS NAME STATEMENT FILE NO. 2021-203558 The following person(s) is (are) doing business as: CITYWIDE AND VIEW SHOP, 1106 W BROOKPORT ST, COVINA, CA 91722. Full name of registrant(s) is (are) ANTHONY MICHAEL VICENCIO, 1106 W BROOKPORT ST, COVINA, CA 91722. This business is conducted by an Individual. Signed: ANTHONY MICHAEL VICENCIO. This statement was filed with the County Clerk of Los Angeles County. The registrant(s) has (have) commenced to transact business under the fictitious business name or names listed above. NOTICE: This Fictitious Name Statement expires five years from the date it was filed in the office of the County Clerk. A new Fictitious Business Name Statement must be filed prior to that date. The filing of this statement does not of itself authorize the use in this state of a Fictitious Business Name in violation of the rights of another under Federal, State, or common law (See section 14411 et seq. Business and Professions Code).
Publish: Mountain Views News Dates: SEP 18, 25, OCT 2, 9, 2021

FICTITIOUS BUSINESS NAME STATEMENT FILE NO. 2021-199957 The following person(s) is (are) doing business as: CONSTRUCTION TEMPS, 5013 ORANGE AVE, LONG BEACH, CA 90805. Full name of registrant(s) is (are) QUALITY STAFFING OF SOUTHERN CALIFORNIA, INC., 5013 ORANGE AVE, LONG BEACH, CA 90805. This business is conducted by a Corporation. Signed: SUKCHA S KIM. This statement was filed with the County Clerk of Los Angeles County. The registrant(s) has (have) commenced to transact business under the fictitious business name or names listed above. NOTICE: This Fictitious Name Statement expires five years from the date it was filed in the office of the County Clerk. A new Fictitious Business Name Statement must be filed prior to that date. The filing of this statement does not of itself authorize the use in this state of a Fictitious Business Name in violation of the rights of another under Federal, State, or common law (See section 14411 et seq. Business and Professions Code).
Publish: Mountain Views News Dates: SEP 18, 25, OCT 2, 9, 2021

FICTITIOUS BUSINESS NAME STATEMENT FILE NO. 2021-203890 The following person(s) is (are) doing business as: CUSTOM FINISH BY J & G, 2361 E. ERMA PL, PASADENA, CA 91107. Full name of registrant(s) is (are) EDUARDO JONATHAN GUEVARA-ROSAS, 18433 RANCHO ST, CANOGA PARK, CA 91306. This business is conducted by an Individual. Signed: EDUARDO JONATHAN GUEVARA-ROSAS. This statement was filed with the County Clerk of Los Angeles County. The registrant(s) has (have) commenced to transact business under the fictitious business name or names listed above. NOTICE: This Fictitious Name Statement expires five years from the date it was filed in the office of the County Clerk. A new Fictitious Business Name Statement must be filed prior to that date. The filing of this statement does not of itself authorize the use in this state of a Fictitious Business Name in violation of the rights of another under Federal, State, or common law (See section 14411 et seq. Business and Professions Code).
Publish: Mountain Views News Dates: SEP 18, 25, OCT 2, 9, 2021

FICTITIOUS BUSINESS NAME STATEMENT FILE NO. 2021-203568 The following person(s) is (are) doing business as: HAYSTACK BRAND, HAYSTACK, HAYSTACK REALTY, 2327 KELLA AVE, WHITTIER, CA 90601. Full name of registrant(s) is (are) SAMUEL BARRAGAN JR, 2327 KELLA AVE, WHITTIER, CA 90601. This business is conducted by an Individual. Signed: SAMUEL BARRAGAN JR. This statement was filed with the County Clerk of Los Angeles County. The registrant(s) has (have) commenced to transact business under the fictitious business name or names listed above. NOTICE: This Fictitious Name Statement expires five years from the date it was filed in the office of the County Clerk. A new Fictitious Business Name Statement must be filed prior to that date. The filing of this statement does not of itself authorize the use in this state of a Fictitious Business Name in violation of the rights of another under Federal, State, or common law (See section 14411 et seq. Business and Professions Code).
Publish: Mountain Views News Dates: SEP 18, 25, OCT 2, 9, 2021

FICTITIOUS BUSINESS NAME STATEMENT FILE NO. 2021-198778 The following person(s) is (are) doing business as: FREIGHT BROKERS LLC, 19105 CLIVEDEN AVE, CARSON, CA 90746. Full name of registrant(s) is (are) A CAPITAL LIABILITY COMPANY. This business is conducted by a Limited Liability Company. Signed: PAULA HASTINGS. This statement was filed with the County Clerk of Los Angeles County. The registrant(s) has (have) commenced to transact business under the fictitious business name or names listed above. NOTICE: This Fictitious Name Statement expires five years from the date it was filed in the office of the County Clerk. A new Fictitious Business Name Statement must be filed prior to that date. The filing of this statement does not of itself authorize the use in this state of a Fictitious Business Name in violation of the rights of another under Federal, State, or common law (See section 14411 et seq. Business and Professions Code).
Publish: Mountain Views News Dates: SEP 18, 25, OCT 2, 9, 2021

FICTITIOUS BUSINESS NAME STATEMENT FILE NO. 2021-208143 The following person(s) is (are) doing business as: LA BRENCHA WATER, 2640 ATLANTIC AVE, SOUTH GATE, CA 90280. Full name of registrant(s) is (are) LUCIA LUCIA GARCIA SANTIAGO, 6800 CRAFTON AVE, BELL, CA 90201. This business is conducted by an Individual. Signed: LUCIA GARCIA SANTIAGO. This statement was filed with the County Clerk of Los Angeles County. The registrant(s) has (have) commenced to transact business under the fictitious business name or names listed above. NOTICE: This Fictitious Name Statement expires five years from the date it was filed in the office of the County Clerk. A new Fictitious Business Name Statement must be filed prior to that date. The filing of this statement does not of itself authorize the use in this state of a Fictitious Business Name in violation of the rights of another under Federal, State, or common law (See section 14411 et seq. Business and Professions Code).
Publish: Mountain Views News Dates: SEP 18, 25, OCT 2, 9, 2021

FICTITIOUS BUSINESS NAME STATEMENT FILE NO. 2021-203092 The following person(s) is (are) doing business as: HOLLYWOOD MOTEL, 10157 SAN FERNANDO ROAD, PACOIMA, CA 91331. Full name of registrant(s) is (are) OM SAI ASSETS, INC., 10157 SAN FERNANDO ROAD, PACOIMA, CA 91331. This business is conducted by a Corporation. Signed: NILAY BALUBHAI PATEL. This statement was filed with the County Clerk of Los Angeles County. The registrant(s) has (have) commenced to transact business under the fictitious business name or names listed above. NOTICE: This Fictitious Name Statement expires five years from the date it was filed in the office of the County Clerk. A new Fictitious Business Name Statement must be filed prior to that date. The filing of this statement does not of itself authorize the use in this state of a Fictitious Business Name in violation of the rights of another under Federal, State, or common law (See section 14411 et seq. Business and Professions Code).
Publish: Mountain Views News Dates: SEP 18, 25, OCT 2, 9, 2021

FICTITIOUS BUSINESS NAME STATEMENT FILE NO. 2021-203572 The following person(s) is (are) doing business as: LITTLE STARS FOR CHANGE, 1047 E 159TH ST, COMPTON, CA 90220. Full name of registrant(s) is (are) CHANTA NICHELLE DUMINSTER, 1047 E 159TH ST, COMPTON, CA 90220. This business is conducted by an Individual. Signed: CHANTA NICHELLE DUMINSTER. This statement was filed with the County Clerk of Los Angeles County. The registrant(s) has (have) commenced to transact business under the fictitious business name or names listed above. NOTICE: This Fictitious Name Statement expires five years from the date it was filed in the office of the County Clerk. A new Fictitious Business Name Statement must be filed prior to that date. The filing of this statement does not of itself authorize the use in this state of a Fictitious Business Name in violation of the rights of another under Federal, State, or common law (See section 14411 et seq. Business and Professions Code).
Publish: Mountain Views News Dates: SEP 18, 25, OCT 2, 9, 2021

FICTITIOUS BUSINESS NAME STATEMENT FILE NO. 2021-201559 The following person(s) is (are) doing business as: LOS CUATES AUTO REPAIR & TIRE, 6078 E. OLYMPIC BLVD, LOS ANGELES, CA 90022. Full name of registrant(s) is (are) ERICK DE JESUS CARRANZA ESPINOZA, 6435 WASHINGTON AVE, WHITTIER, CA 90601. This business is conducted by an Individual. Signed: ERICK DE JESUS CARRANZA ESPINOZA. This statement was filed with the County Clerk of Los Angeles County. The registrant(s) has (have) commenced to transact business under the fictitious business name or names listed above. NOTICE: This Fictitious Name Statement expires five years from the date it was filed in the office of the County Clerk. A new Fictitious Business Name Statement must be filed prior to that date. The filing of this statement does not of itself authorize the use in this state of a Fictitious Business Name in violation of the rights of another under Federal, State, or common law (See section 14411 et seq. Business and Professions Code).
Publish: Mountain Views News Dates: SEP 18, 25, OCT 2, 9, 2021

FICTITIOUS BUSINESS NAME STATEMENT FILE NO. 2021-203892 The following person(s) is (are) doing business as: LUNAS CLEANING SERVICES, 240 E. MARKET ST, LONG BEACH, CA 90805. Full name of registrant(s) is (are) ROCIO LARIOS, 9184 STOAKES AVE, DOWNEY, CA 90240. This business is conducted by a Corporation. Signed: CLARA FLORES. This statement was filed with the County Clerk of Los Angeles County. The registrant(s) has (have) commenced to transact business under the fictitious business name or names listed above. NOTICE: This Fictitious Name Statement expires five years from the date it was filed in the office of the County Clerk. A new Fictitious Business Name Statement must be filed prior to that date. The filing of this statement does not of itself authorize the use in this state of a Fictitious Business Name in violation of the rights of another under Federal, State, or common law (See section 14411 et seq. Business and Professions Code).
Publish: Mountain Views News Dates: SEP 18, 25, OCT 2, 9, 2021

FICTITIOUS BUSINESS NAME STATEMENT FILE NO. 2021-199637 The following person(s) is (are) doing business as: S & S LOCAL AND TRANSPORT, 2221 E 65TH ST, LONG BEACH, CA 90805. Full name of registrant(s) is (are) MARITZA FABIOLA SILVA VILLALBA, 2221 E 65TH ST, LONG BEACH, CA 90805. This business is conducted by an Individual. Signed: MARITZA FABIOLA SILVA VILLALBA. This statement was filed with the County Clerk of Los Angeles County. The registrant(s) has (have) commenced to transact business under the fictitious business name or names listed above. NOTICE: This Fictitious Name Statement expires five years from the date it was filed in the office of the County Clerk. A new Fictitious Business Name Statement must be filed prior to that date. The filing of this statement does not of itself authorize the use in this state of a Fictitious Business Name in violation of the rights of another under Federal, State, or common law (See section 14411 et seq. Business and Professions Code).
Publish: Mountain Views News Dates: SEP 18, 25, OCT 2, 9, 2021

FICTITIOUS BUSINESS NAME STATEMENT FILE NO. 2021-199631 The following person(s) is (are) doing business as: MAXINFOSINFORMATION, 9666 WATT ST, BELLFLOWER, CA 90706. Full name of registrant(s) is (are) MARIO STANLEY KIELLO, 9666 WATT ST, BELLFLOWER, CA 90706. This business is conducted by an Individual. Signed: MARIO STANLEY KIELLO. This statement was filed with the County Clerk of Los Angeles County. The registrant(s) has (have) commenced to transact business under the fictitious business name or names listed above. NOTICE: This Fictitious Name Statement expires five years from the date it was filed in the office of the County Clerk. A new Fictitious Business Name Statement must be filed prior to that date. The filing of this statement does not of itself authorize the use in this state of a Fictitious Business Name in violation of the rights of another under Federal, State, or common law (See section 14411 et seq. Business and Professions Code).
Publish: Mountain Views News Dates: SEP 18, 25, OCT 2, 9, 2021

FICTITIOUS BUSINESS NAME STATEMENT FILE NO. 2021-203157 The following person(s) is (are) doing business as: MCG STEEL RULE DIES, 12821 MAGQUARDT AVE, SANTA FE SPRINGS, CA 90670. Full name of registrant(s) is (are) MARTIN BERNARDINO, 11857 WAYNE AVE, POMONA, CA 91766. This business is conducted by a General Partnership. Signed: MARTIN BERNARDINO. This statement was filed with the County Clerk of Los Angeles County. The registrant(s) has (have) commenced to transact business under the fictitious business name or names listed above. NOTICE: This Fictitious Name Statement expires five years from the date it was filed in the office of the County Clerk. A new Fictitious Business Name Statement must be filed prior to that date. The filing of this statement does not of itself authorize the use in this state of a Fictitious Business Name in violation of the rights of another under Federal, State, or common law (See section 14411 et seq. Business and Professions Code).
Publish: Mountain Views News Dates: SEP 18, 25, OCT 2, 9, 2021

FICTITIOUS BUSINESS NAME STATEMENT FILE NO. 2021-205566 The following person(s) is (are) doing business as: PRECIADO ROOF & LOOPE, 1022 W SHARON DR, LA HABRA HEIGHTS, CA 90631. Full name of registrant(s) is (are) LIBRADO PRECIADO GARCIA, 11808 LAUREL AVE, WHITTIER, CA 90605. This business is conducted by a General Partnership. Signed: LIBRADO PRECIADO GARCIA. This statement was filed with the County Clerk of Los Angeles County. The registrant(s) has (have) commenced to transact business under the fictitious business name or names listed above. NOTICE: This Fictitious Name Statement expires five years from the date it was filed in the office of the County Clerk. A new Fictitious Business Name Statement must be filed prior to that date. The filing of this statement does not of itself authorize the use in this state of a Fictitious Business Name in violation of the rights of another under Federal, State, or common law (See section 14411 et seq. Business and Professions Code).
Publish: Mountain Views News Dates: SEP 18, 25, OCT 2, 9, 2021

FICTITIOUS BUSINESS NAME STATEMENT FILE NO. 2021-203887 The following person(s) is (are) doing business as: MAGIC OWL CLEANING INC, 1856 S TOWNE AVE APT F, POMONA, CA 91766. Full name of registrant(s) is (are) DENIS LEONIDAS GARCIA MONGE, 1856 S TOWNE AVE APT F, POMONA, CA 91766. This business is conducted by a Corporation. Signed: DENIS LEONIDAS GARCIA MONGE. This statement was filed with the County Clerk of Los Angeles County. The registrant(s) has (have) commenced to transact business under the fictitious business name or names listed above. NOTICE: This Fictitious Name Statement expires five years from the date it was filed in the office of the County Clerk. A new Fictitious Business Name Statement must be filed prior to that date. The filing of this statement does not of itself authorize the use in this state of a Fictitious Business Name in violation of the rights of another under Federal, State, or common law (See section 14411 et seq. Business and Professions Code).
Publish: Mountain Views News Dates: SEP 18, 25, OCT 2, 9, 2021

FICTITIOUS BUSINESS NAME STATEMENT FILE NO. 2021-206610 The following person(s) is (are) doing business as: NEXTECH SOLUTIONS, 6072 WILSON AVE, SOUTH GATE, CA 90280. Full name of registrant(s) is (are) EDWARDO BANUELOS, 6072 WILSON AVE, SOUTH GATE, CA 90280. This business is conducted by an Individual. Signed: EDWARDO BANUELOS. This statement was filed with the County Clerk of Los Angeles County. The registrant(s) has (have) commenced to transact business under the fictitious business name or names listed above. NOTICE: This Fictitious Name Statement expires five years from the date it was filed in the office of the County Clerk. A new Fictitious Business Name Statement must be filed prior to that date. The filing of this statement does not of itself authorize the use in this state of a Fictitious Business Name in violation of the rights of another under Federal, State, or common law (See section 14411 et seq. Business and Professions Code).
Publish: Mountain Views News Dates: SEP 18, 25, OCT 2, 9, 2021

FICTITIOUS BUSINESS NAME STATEMENT FILE NO. 2021-199995 The following person(s) is (are) doing business as: P & L MEDIA, 1140 SUNSET PLAZA DRIVE, LOS ANGELES, CA 90069. Full name of registrant(s) is (are) PETER BRESHNAN, 1140 SUNSET PLAZA DRIVE, LOS ANGELES, CA 90069. This business is conducted by a Corporation. Signed: PETER BRESHNAN. This statement was filed with the County Clerk of Los Angeles County. The registrant(s) has (have) commenced to transact business under the fictitious business name or names listed above. NOTICE: This Fictitious Name Statement expires five years from the date it was filed in the office of the County Clerk. A new Fictitious Business Name Statement must be filed prior to that date. The filing of this statement does not of itself authorize the use in this state of a Fictitious Business Name in violation of the rights of another under Federal, State, or common law (See section 14411 et seq. Business and Professions Code).
Publish: Mountain Views News Dates: SEP 18, 25, OCT 2, 9, 2021

FICTITIOUS BUSINESS NAME STATEMENT FILE NO. 2021-206808 The following person(s) is (are) doing business as: PHOTOS & BOUDOIR, 12821 HOLMES AVE, LOS ANGELES, CA 90059. Full name of registrant(s) is (are) ALFREDO SILVA MONTERA, 6006 S. VAN PEPSI, LOS ANGELES, CA 90003. This business is conducted by an Individual. Signed: ALFREDO SILVA MONTERA. This statement was filed with the County Clerk of Los Angeles County. The registrant(s) has (have) commenced to transact business under the fictitious business name or names listed above. NOTICE: This Fictitious Name Statement expires five years from the date it was filed in the office of the County Clerk. A new Fictitious Business Name Statement must be filed prior to that date. The filing of this statement does not of itself authorize the use in this state of a Fictitious Business Name in violation of the rights of another under Federal, State, or common law (See section 14411 et seq. Business and Professions Code).
Publish: Mountain Views News Dates: SEP 18, 25, OCT 2, 9, 2021

FICTITIOUS BUSINESS NAME STATEMENT FILE NO. 2021-203564 The following person(s) is (are) doing business as: PREMIER DUCT CLEANING SERVICES, 1310 E 10TH ST, LONG BEACH, CA 90813. Full name of registrant(s) is (are) JOHN REYES LARA HERNANDEZ, 1310 E 10TH ST, LONG BEACH, CA 90813. This business is conducted by an Individual. Signed: JOHN REYES LARA HERNANDEZ. This statement was filed with the County Clerk of Los Angeles County. The registrant(s) has (have) commenced to transact business under the fictitious business name or names listed above. NOTICE: This Fictitious Name Statement expires five years from the date it was filed in the office of the County Clerk. A new Fictitious Business Name Statement must be filed prior to that date. The filing of this statement does not of itself authorize the use in this state of a Fictitious Business Name in violation of the rights of another under Federal, State, or common law (See section 14411 et seq. Business and Professions Code).
Publish: Mountain Views News Dates: SEP 18, 25, OCT 2, 9, 2021

FICTITIOUS BUSINESS NAME STATEMENT FILE NO. 2021-203109 The following person(s) is (are) doing business as: AUTOMOTIVE AND INJURY PROGRESSIVE A&B GENERAL REPAIR, 439 E. OLYMPIC BLVD, LOS ANGELES, CA 90023. Full name of registrant(s) is (are) PROGRESSIVE INTERNATIONAL, INC. This business is conducted by a Corporation. Signed: BARRERA GARCIA. This statement was filed with the County Clerk of Los Angeles County. The registrant(s) has (have) commenced to transact business under the fictitious business name or names listed above. NOTICE: This Fictitious Name Statement expires five years from the date it was filed in the office of the County Clerk. A new Fictitious Business Name Statement must be filed prior to that date. The filing of this statement does not of itself authorize the use in this state of a Fictitious Business Name in violation of the rights of another under Federal, State, or common law (See section 14411 et seq. Business and Professions Code).
Publish: Mountain Views News Dates: SEP 18, 25, OCT 2, 9, 2021

Mountain Views News 80 W Sierra Madre Blvd. No. 327 Sierra Madre, Ca. 91024 Office: 626.355.2737 Fax: 626.609.3285 Email: editor@mtnviewsnews.com Website: www.mtnviewsnews.com
